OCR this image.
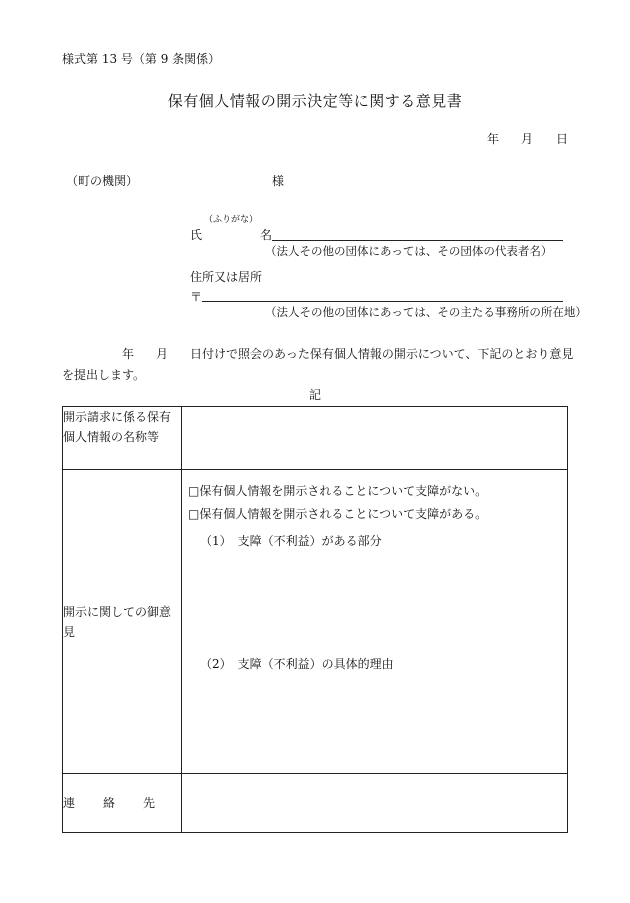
様式第 13 号（第 9 条関係）
保有個人情報の開示決定等に関する意見書
年 月 日
（町の機関）	様
（ふりがな）
氏	名
（法人その他の団体にあっては、その団体の代表者名）
住所又は居所
〒
（法人その他の団体にあっては、その主たる事務所の所在地）
年 月 日付けで照会のあった保有個人情報の開示について、下記のとおり意見
を提出します。
記
開示請求に係る保有個人情報の名称等	
開示に関しての御意見	□保有個人情報を開示されることについて支障がない。
□保有個人情報を開示されることについて支障がある。
（1）　支障（不利益）がある部分
（2）　支障（不利益）の具体的理由

連　絡　先	
